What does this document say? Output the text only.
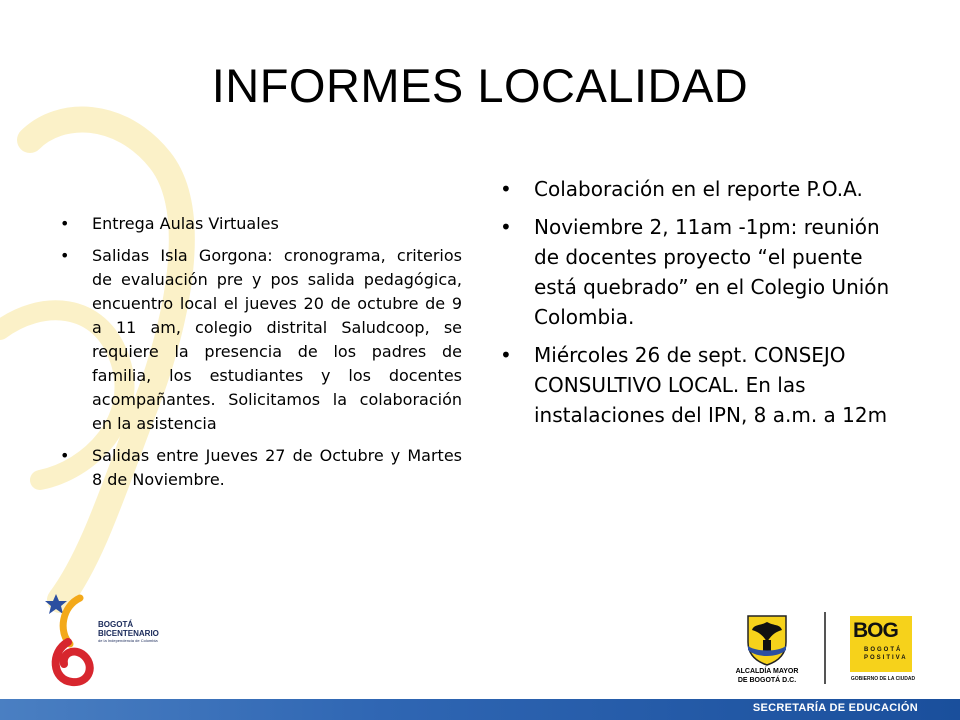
INFORMES LOCALIDAD
• Entrega Aulas Virtuales
• Salidas Isla Gorgona: cronograma, criterios de evaluación pre y pos salida pedagógica, encuentro local el jueves 20 de octubre de 9 a 11 am, colegio distrital Saludcoop, se requiere la presencia de los padres de familia, los estudiantes y los docentes acompañantes. Solicitamos la colaboración en la asistencia
• Salidas entre Jueves 27 de Octubre y Martes 8 de Noviembre.
• Colaboración en el reporte P.O.A.
• Noviembre 2, 11am -1pm: reunión de docentes proyecto “el puente está quebrado” en el Colegio Unión Colombia.
• Miércoles 26 de sept. CONSEJO CONSULTIVO LOCAL. En las instalaciones del IPN, 8 a.m. a 12m
BOGOTÁ
BICENTENARIO
de la Independencia de Colombia
ALCALDÍA MAYOR
DE BOGOTÁ D.C.
BOG
BOGOTÁ
POSITIVA
GOBIERNO DE LA CIUDAD
SECRETARÍA DE EDUCACIÓN
